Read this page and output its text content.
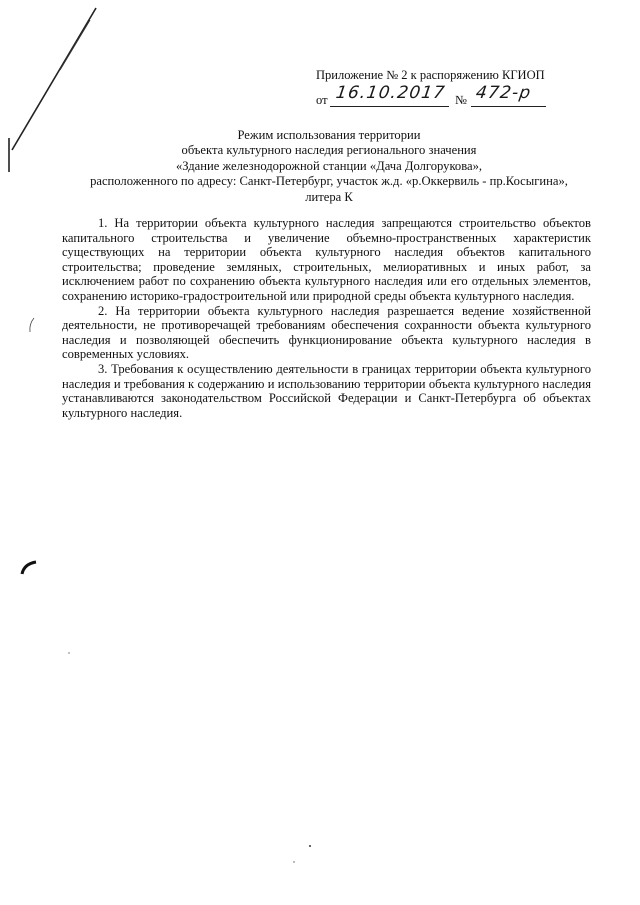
Приложение № 2 к распоряжению КГИОП
от 16.10.2017 № 472-р
Режим использования территории
объекта культурного наследия регионального значения
«Здание железнодорожной станции «Дача Долгорукова»,
расположенного по адресу: Санкт-Петербург, участок ж.д. «р.Оккервиль - пр.Косыгина»,
литера К

1. На территории объекта культурного наследия запрещаются строительство объектов капитального строительства и увеличение объемно-пространственных характеристик существующих на территории объекта культурного наследия объектов капитального строительства; проведение земляных, строительных, мелиоративных и иных работ, за исключением работ по сохранению объекта культурного наследия или его отдельных элементов, сохранению историко-градостроительной или природной среды объекта культурного наследия.

2. На территории объекта культурного наследия разрешается ведение хозяйственной деятельности, не противоречащей требованиям обеспечения сохранности объекта культурного наследия и позволяющей обеспечить функционирование объекта культурного наследия в современных условиях.

3. Требования к осуществлению деятельности в границах территории объекта культурного наследия и требования к содержанию и использованию территории объекта культурного наследия устанавливаются законодательством Российской Федерации и Санкт-Петербурга об объектах культурного наследия.
